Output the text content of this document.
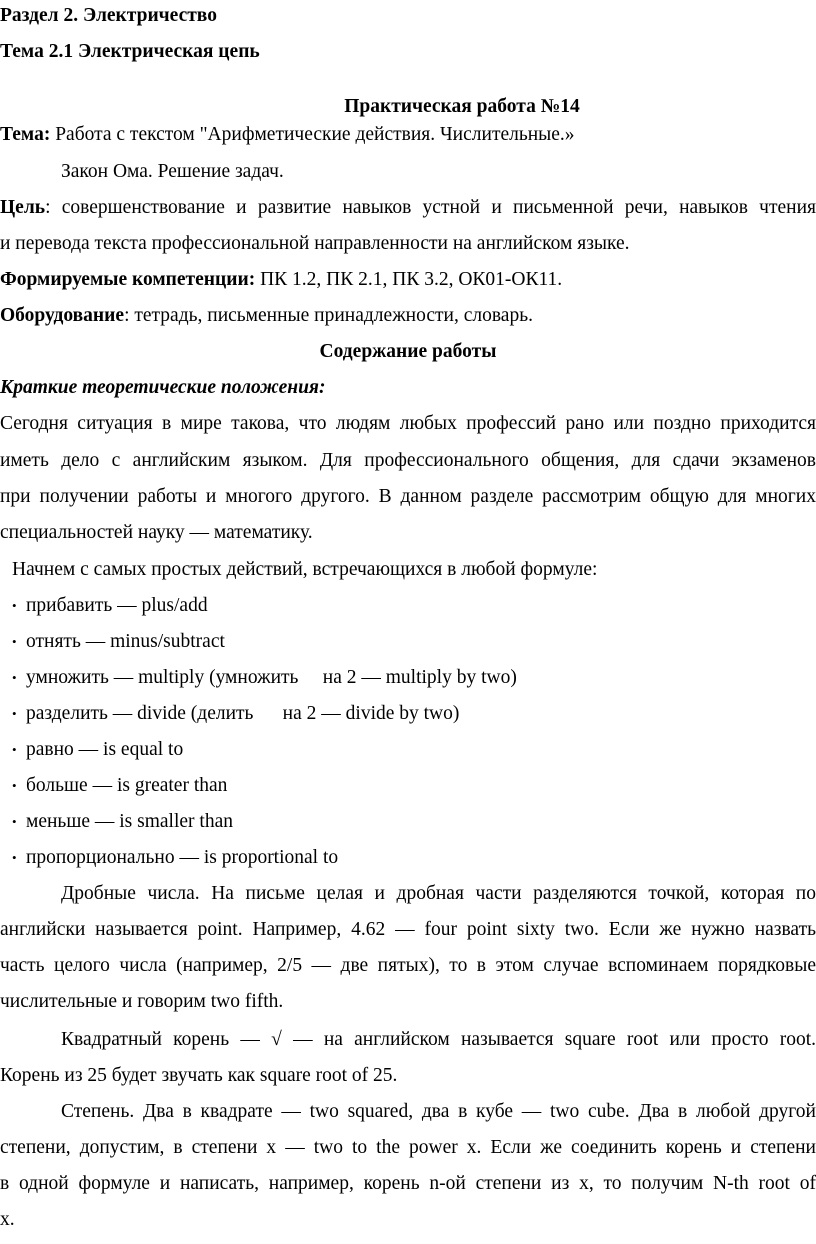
Раздел 2. Электричество
Тема 2.1 Электрическая цепь
Практическая работа №14
Тема: Работа с текстом "Арифметические действия. Числительные.»
Закон Ома. Решение задач.
Цель: совершенствование и развитие навыков устной и письменной речи, навыков чтения
и перевода текста профессиональной направленности на английском языке.
Формируемые компетенции: ПК 1.2, ПК 2.1, ПК 3.2, ОК01-ОК11.
Оборудование: тетрадь, письменные принадлежности, словарь.
Содержание работы
Краткие теоретические положения:
Сегодня ситуация в мире такова, что людям любых профессий рано или поздно приходится
иметь дело с английским языком. Для профессионального общения, для сдачи экзаменов
при получении работы и многого другого. В данном разделе рассмотрим общую для многих
специальностей науку — математику.
Начнем с самых простых действий, встречающихся в любой формуле:
• прибавить — plus/add
• отнять — minus/subtract
• умножить — multiply (умножить     на 2 — multiply by two)
• разделить — divide (делить      на 2 — divide by two)
• равно — is equal to
• больше — is greater than
• меньше — is smaller than
• пропорционально — is proportional to
Дробные числа. На письме целая и дробная части разделяются точкой, которая по
английски называется point. Например, 4.62 — four point sixty two. Если же нужно назвать
часть целого числа (например, 2/5 — две пятых), то в этом случае вспоминаем порядковые
числительные и говорим two fifth.
Квадратный корень — √ — на английском называется square root или просто root.
Корень из 25 будет звучать как square root of 25.
Степень. Два в квадрате — two squared, два в кубе — two cube. Два в любой другой
степени, допустим, в степени x — two to the power x. Если же соединить корень и степени
в одной формуле и написать, например, корень n-ой степени из x, то получим N-th root of
x.
